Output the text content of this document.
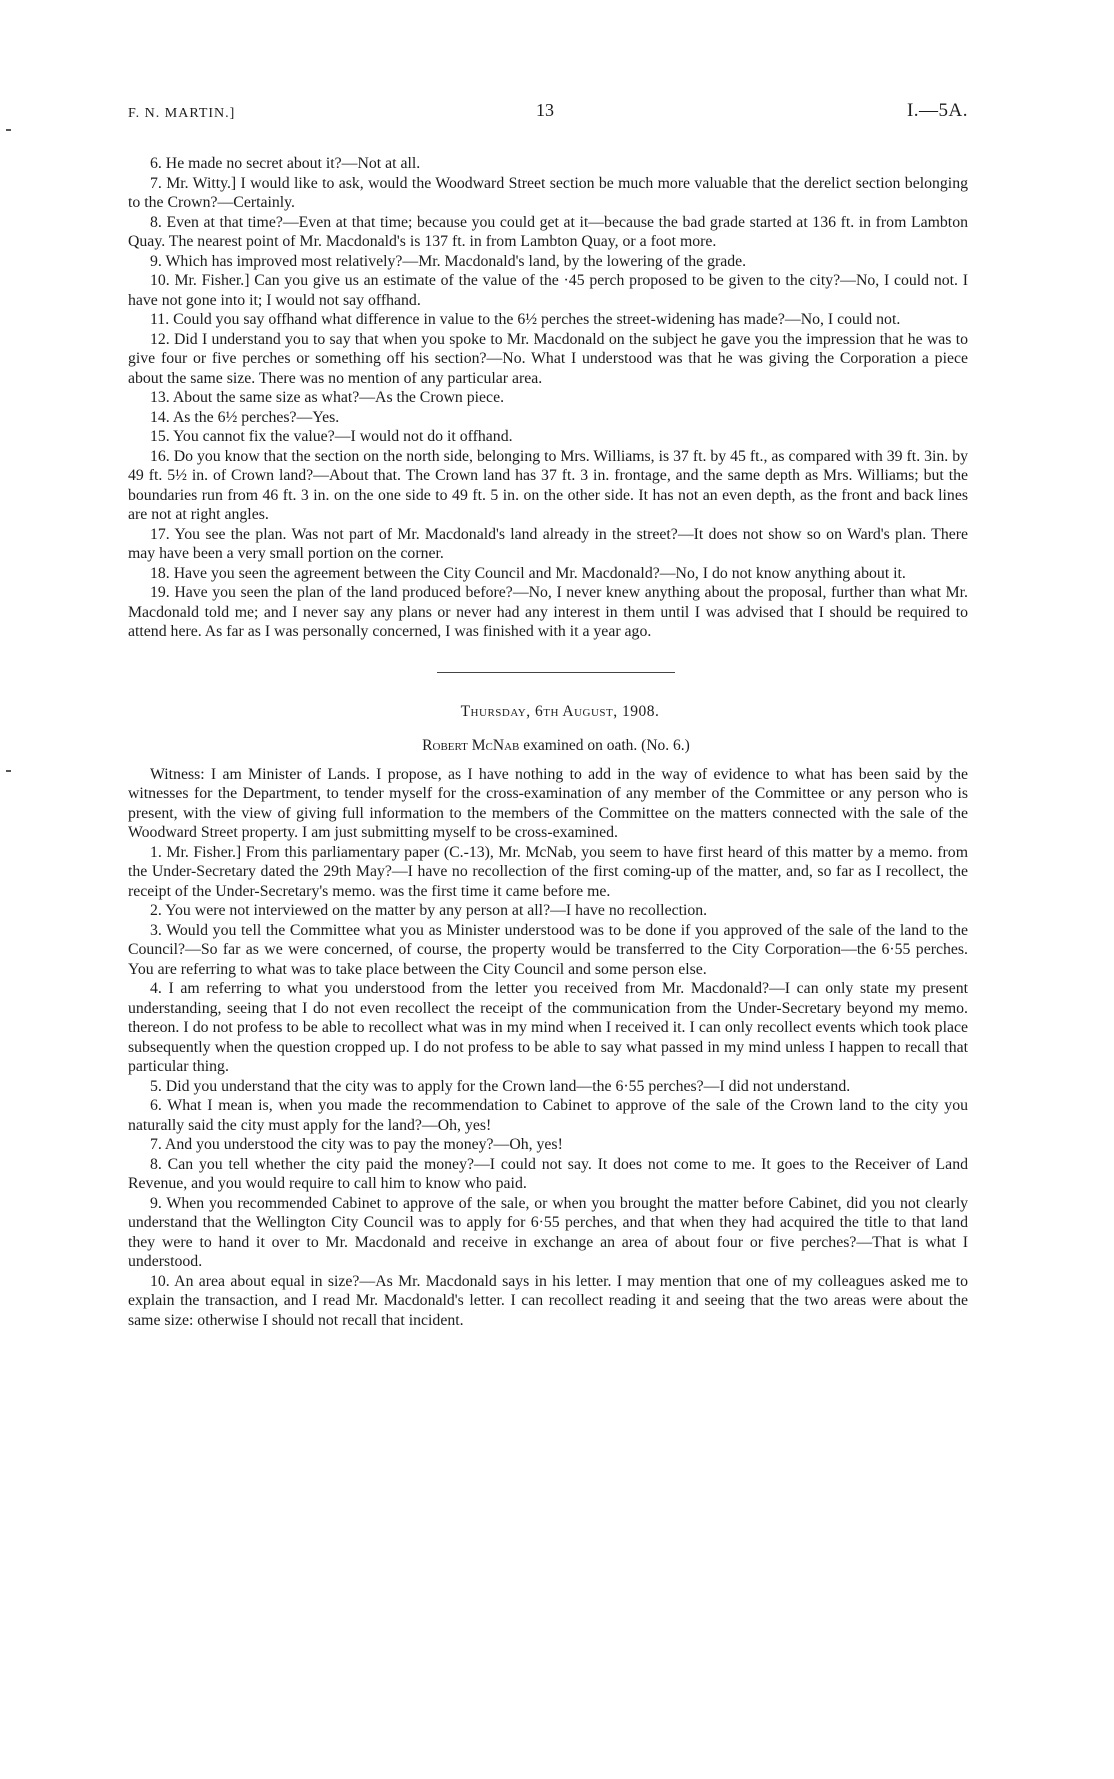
F. N. MARTIN.]	13	I.—5A.

6. He made no secret about it?—Not at all.

7. Mr. Witty.] I would like to ask, would the Woodward Street section be much more valuable that the derelict section belonging to the Crown?—Certainly.

8. Even at that time?—Even at that time; because you could get at it—because the bad grade started at 136 ft. in from Lambton Quay. The nearest point of Mr. Macdonald's is 137 ft. in from Lambton Quay, or a foot more.

9. Which has improved most relatively?—Mr. Macdonald's land, by the lowering of the grade.

10. Mr. Fisher.] Can you give us an estimate of the value of the ·45 perch proposed to be given to the city?—No, I could not. I have not gone into it; I would not say offhand.

11. Could you say offhand what difference in value to the 6½ perches the street-widening has made?—No, I could not.

12. Did I understand you to say that when you spoke to Mr. Macdonald on the subject he gave you the impression that he was to give four or five perches or something off his section?—No. What I understood was that he was giving the Corporation a piece about the same size. There was no mention of any particular area.

13. About the same size as what?—As the Crown piece.

14. As the 6½ perches?—Yes.

15. You cannot fix the value?—I would not do it offhand.

16. Do you know that the section on the north side, belonging to Mrs. Williams, is 37 ft. by 45 ft., as compared with 39 ft. 3in. by 49 ft. 5½ in. of Crown land?—About that. The Crown land has 37 ft. 3 in. frontage, and the same depth as Mrs. Williams; but the boundaries run from 46 ft. 3 in. on the one side to 49 ft. 5 in. on the other side. It has not an even depth, as the front and back lines are not at right angles.

17. You see the plan. Was not part of Mr. Macdonald's land already in the street?—It does not show so on Ward's plan. There may have been a very small portion on the corner.

18. Have you seen the agreement between the City Council and Mr. Macdonald?—No, I do not know anything about it.

19. Have you seen the plan of the land produced before?—No, I never knew anything about the proposal, further than what Mr. Macdonald told me; and I never say any plans or never had any interest in them until I was advised that I should be required to attend here. As far as I was personally concerned, I was finished with it a year ago.

Thursday, 6th August, 1908.
Robert McNab examined on oath. (No. 6.)

Witness: I am Minister of Lands. I propose, as I have nothing to add in the way of evidence to what has been said by the witnesses for the Department, to tender myself for the cross-examination of any member of the Committee or any person who is present, with the view of giving full information to the members of the Committee on the matters connected with the sale of the Woodward Street property. I am just submitting myself to be cross-examined.

1. Mr. Fisher.] From this parliamentary paper (C.-13), Mr. McNab, you seem to have first heard of this matter by a memo. from the Under-Secretary dated the 29th May?—I have no recollection of the first coming-up of the matter, and, so far as I recollect, the receipt of the Under-Secretary's memo. was the first time it came before me.

2. You were not interviewed on the matter by any person at all?—I have no recollection.

3. Would you tell the Committee what you as Minister understood was to be done if you approved of the sale of the land to the Council?—So far as we were concerned, of course, the property would be transferred to the City Corporation—the 6·55 perches. You are referring to what was to take place between the City Council and some person else.

4. I am referring to what you understood from the letter you received from Mr. Macdonald?—I can only state my present understanding, seeing that I do not even recollect the receipt of the communication from the Under-Secretary beyond my memo. thereon. I do not profess to be able to recollect what was in my mind when I received it. I can only recollect events which took place subsequently when the question cropped up. I do not profess to be able to say what passed in my mind unless I happen to recall that particular thing.

5. Did you understand that the city was to apply for the Crown land—the 6·55 perches?—I did not understand.

6. What I mean is, when you made the recommendation to Cabinet to approve of the sale of the Crown land to the city you naturally said the city must apply for the land?—Oh, yes!

7. And you understood the city was to pay the money?—Oh, yes!

8. Can you tell whether the city paid the money?—I could not say. It does not come to me. It goes to the Receiver of Land Revenue, and you would require to call him to know who paid.

9. When you recommended Cabinet to approve of the sale, or when you brought the matter before Cabinet, did you not clearly understand that the Wellington City Council was to apply for 6·55 perches, and that when they had acquired the title to that land they were to hand it over to Mr. Macdonald and receive in exchange an area of about four or five perches?—That is what I understood.

10. An area about equal in size?—As Mr. Macdonald says in his letter. I may mention that one of my colleagues asked me to explain the transaction, and I read Mr. Macdonald's letter. I can recollect reading it and seeing that the two areas were about the same size: otherwise I should not recall that incident.
